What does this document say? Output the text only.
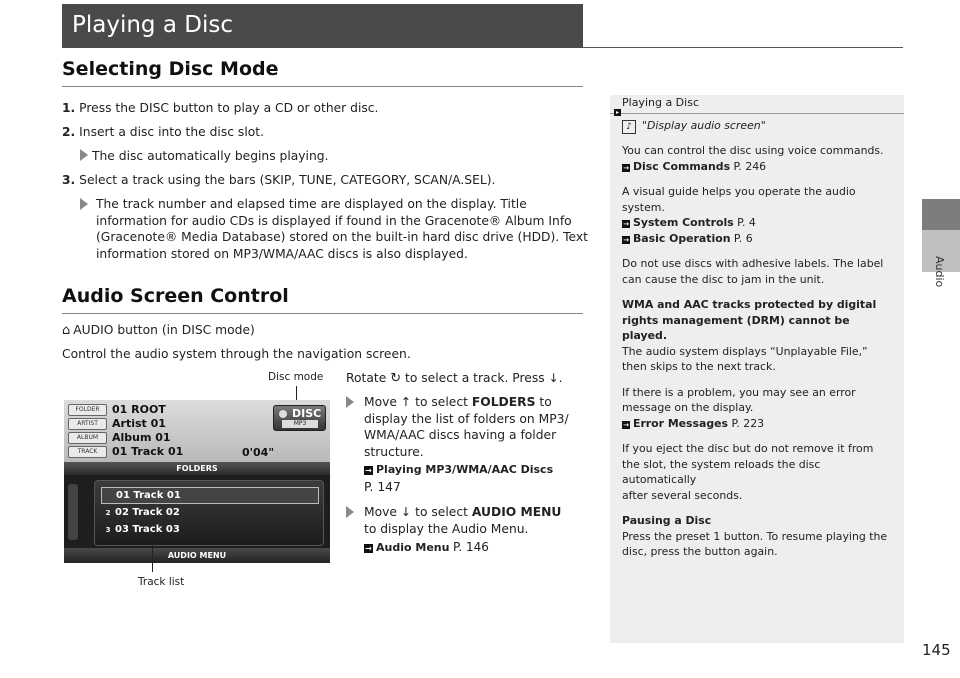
Playing a Disc
Audio
Selecting Disc Mode
1. Press the DISC button to play a CD or other disc.
2. Insert a disc into the disc slot.
The disc automatically begins playing.
3. Select a track using the bars (SKIP, TUNE, CATEGORY, SCAN/A.SEL).
The track number and elapsed time are displayed on the display. Title
information for audio CDs is displayed if found in the Gracenote® Album Info
(Gracenote® Media Database) stored on the built-in hard disc drive (HDD). Text
information stored on MP3/WMA/AAC discs is also displayed.
Audio Screen Control
⌂ AUDIO button (in DISC mode)
Control the audio system through the navigation screen.
Rotate ↻ to select a track. Press ↓.
Move ↑ to select FOLDERS to
display the list of folders on MP3/
WMA/AAC discs having a folder
structure.
→ Playing MP3/WMA/AAC Discs
P. 147
Move ↓ to select AUDIO MENU
to display the Audio Menu.
→ Audio Menu P. 146
Disc mode
FOLDER
ARTIST
ALBUM
TRACK
01 ROOT
Artist 01
Album 01
01 Track 01	0'04"
DISC
MP3
FOLDERS
01 Track 01
2 02 Track 02
3 03 Track 03
AUDIO MENU
Track list
▸
Playing a Disc
♪ "Display audio screen"
You can control the disc using voice commands.
→ Disc Commands P. 246
A visual guide helps you operate the audio
system.
→ System Controls P. 4
→ Basic Operation P. 6
Do not use discs with adhesive labels. The label
can cause the disc to jam in the unit.
WMA and AAC tracks protected by digital
rights management (DRM) cannot be played.
The audio system displays “Unplayable File,”
then skips to the next track.
If there is a problem, you may see an error
message on the display.
→ Error Messages P. 223
If you eject the disc but do not remove it from
the slot, the system reloads the disc automatically
after several seconds.
Pausing a Disc
Press the preset 1 button. To resume playing the
disc, press the button again.
145
